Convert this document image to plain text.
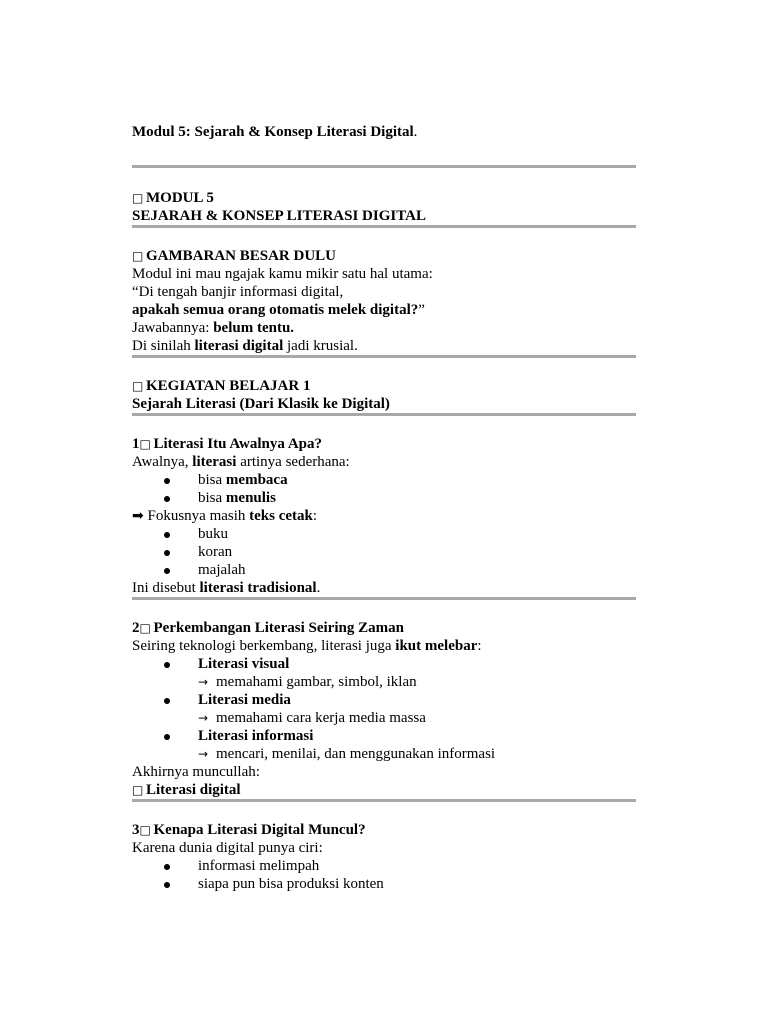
Modul 5: Sejarah & Konsep Literasi Digital.
□ MODUL 5
SEJARAH & KONSEP LITERASI DIGITAL
□ GAMBARAN BESAR DULU
Modul ini mau ngajak kamu mikir satu hal utama:
“Di tengah banjir informasi digital,
apakah semua orang otomatis melek digital?”
Jawabannya: belum tentu.
Di sinilah literasi digital jadi krusial.
□ KEGIATAN BELAJAR 1
Sejarah Literasi (Dari Klasik ke Digital)
1□ Literasi Itu Awalnya Apa?
Awalnya, literasi artinya sederhana:
bisa membaca
bisa menulis
➡ Fokusnya masih teks cetak:
buku
koran
majalah
Ini disebut literasi tradisional.
2□ Perkembangan Literasi Seiring Zaman
Seiring teknologi berkembang, literasi juga ikut melebar:
Literasi visual
→ memahami gambar, simbol, iklan
Literasi media
→ memahami cara kerja media massa
Literasi informasi
→ mencari, menilai, dan menggunakan informasi
Akhirnya muncullah:
□ Literasi digital
3□ Kenapa Literasi Digital Muncul?
Karena dunia digital punya ciri:
informasi melimpah
siapa pun bisa produksi konten
